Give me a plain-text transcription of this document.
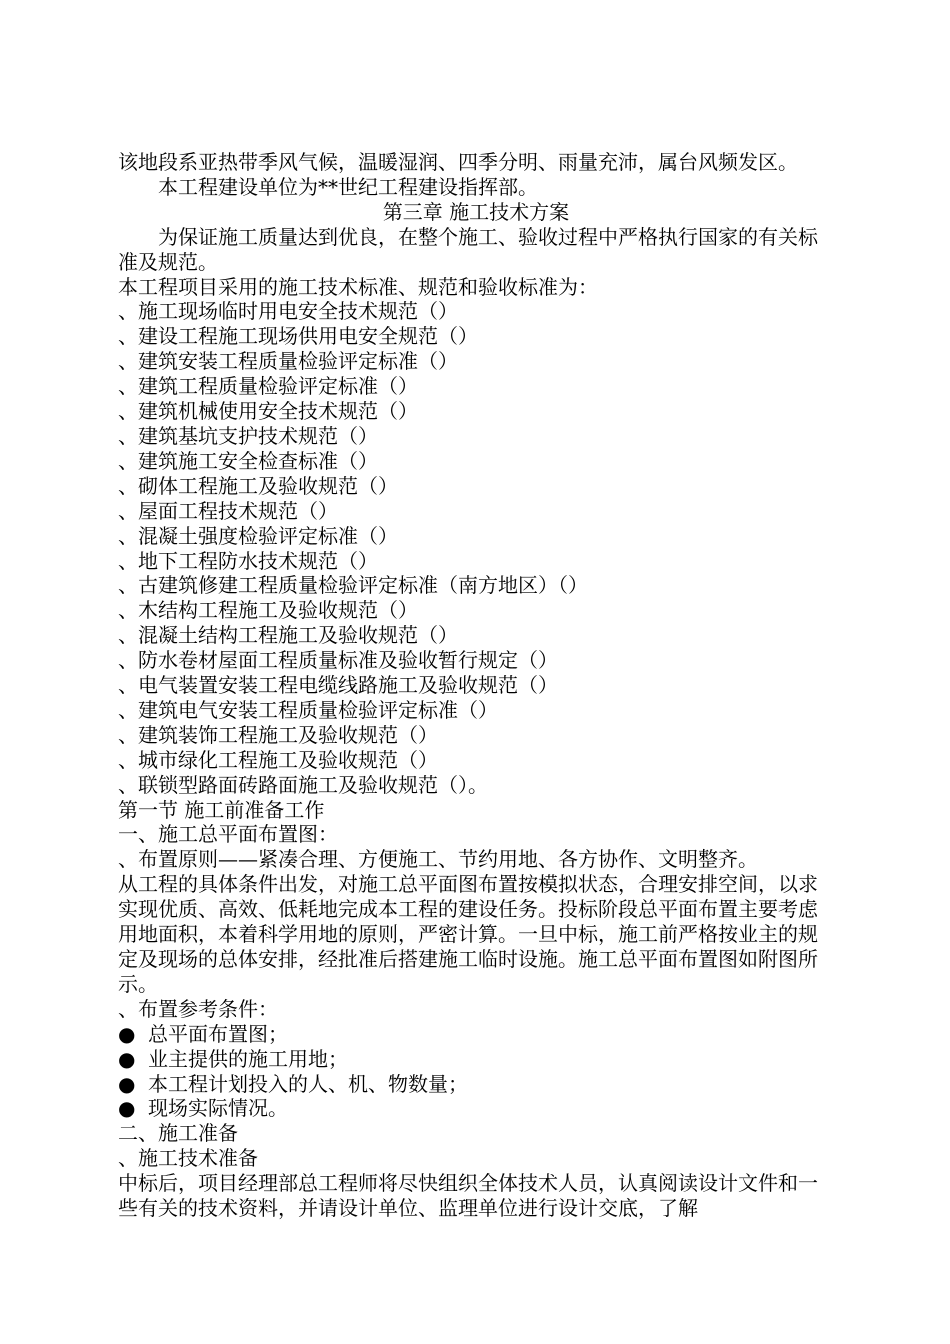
该地段系亚热带季风气候，温暖湿润、四季分明、雨量充沛，属台风频发区。

本工程建设单位为**世纪工程建设指挥部。

第三章 施工技术方案

为保证施工质量达到优良，在整个施工、验收过程中严格执行国家的有关标准及规范。

本工程项目采用的施工技术标准、规范和验收标准为：

、施工现场临时用电安全技术规范（）

、建设工程施工现场供用电安全规范（）

、建筑安装工程质量检验评定标准（）

、建筑工程质量检验评定标准（）

、建筑机械使用安全技术规范（）

、建筑基坑支护技术规范（）

、建筑施工安全检查标准（）

、砌体工程施工及验收规范（）

、屋面工程技术规范（）

、混凝土强度检验评定标准（）

、地下工程防水技术规范（）

、古建筑修建工程质量检验评定标准（南方地区）（）

、木结构工程施工及验收规范（）

、混凝土结构工程施工及验收规范（）

、防水卷材屋面工程质量标准及验收暂行规定（）

、电气装置安装工程电缆线路施工及验收规范（）

、建筑电气安装工程质量检验评定标准（）

、建筑装饰工程施工及验收规范（）

、城市绿化工程施工及验收规范（）

、联锁型路面砖路面施工及验收规范（）。

第一节 施工前准备工作

一、施工总平面布置图：

、布置原则——紧凑合理、方便施工、节约用地、各方协作、文明整齐。

从工程的具体条件出发，对施工总平面图布置按模拟状态，合理安排空间，以求实现优质、高效、低耗地完成本工程的建设任务。投标阶段总平面布置主要考虑用地面积，本着科学用地的原则，严密计算。一旦中标，施工前严格按业主的规定及现场的总体安排，经批准后搭建施工临时设施。施工总平面布置图如附图所示。

、布置参考条件：

● 总平面布置图；

● 业主提供的施工用地；

● 本工程计划投入的人、机、物数量；

● 现场实际情况。

二、施工准备

、施工技术准备

中标后，项目经理部总工程师将尽快组织全体技术人员，认真阅读设计文件和一些有关的技术资料，并请设计单位、监理单位进行设计交底，了解
